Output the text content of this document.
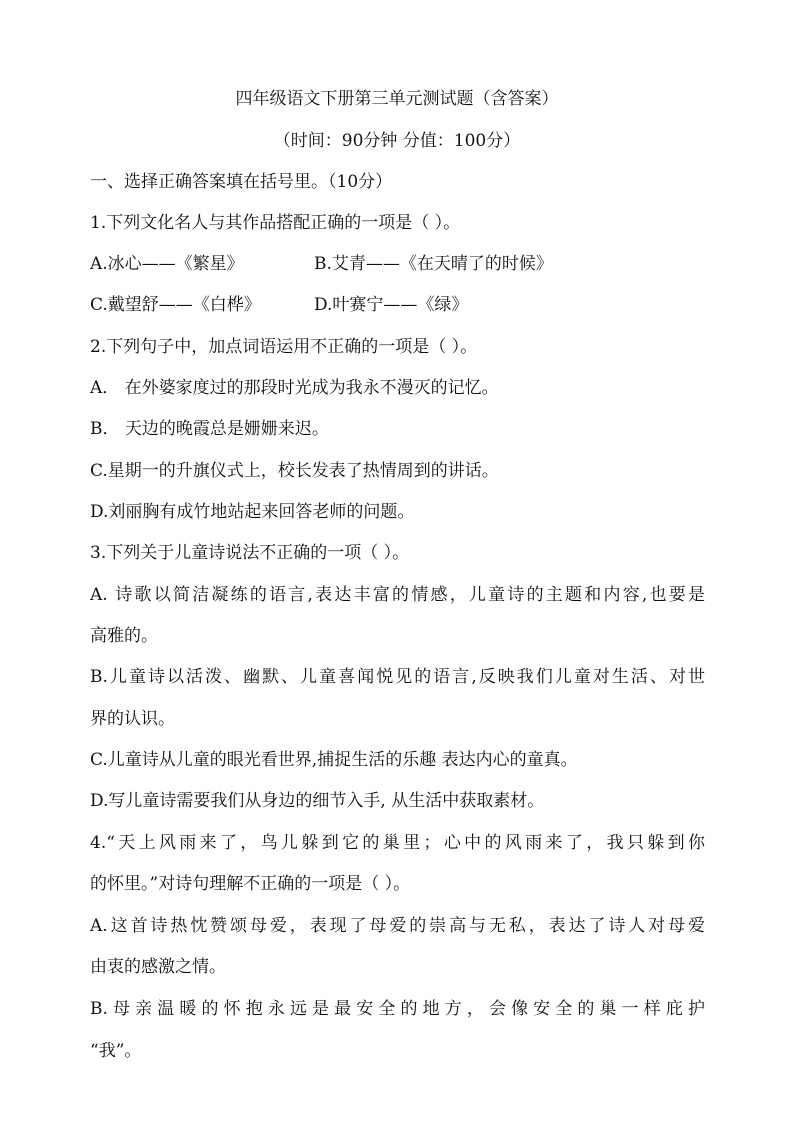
四年级语文下册第三单元测试题（含答案）
（时间：90分钟 分值：100分）
一、选择正确答案填在括号里。（10分）
1.下列文化名人与其作品搭配正确的一项是（ ）。
A.冰心——《繁星》	B.艾青——《在天晴了的时候》
C.戴望舒——《白桦》	D.叶赛宁——《绿》
2.下列句子中，加点词语运用不正确的一项是（ ）。
A． 在外婆家度过的那段时光成为我永不漫灭的记忆。
B． 天边的晚霞总是姗姗来迟。
C.星期一的升旗仪式上，校长发表了热情周到的讲话。
D.刘丽胸有成竹地站起来回答老师的问题。
3.下列关于儿童诗说法不正确的一项（ ）。
A. 诗歌以简洁凝练的语言,表达丰富的情感，儿童诗的主题和内容,也要是
高雅的。
B.儿童诗以活泼、幽默、儿童喜闻悦见的语言,反映我们儿童对生活、对世
界的认识。
C.儿童诗从儿童的眼光看世界,捕捉生活的乐趣 表达内心的童真。
D.写儿童诗需要我们从身边的细节入手, 从生活中获取素材。
4.“天上风雨来了，鸟儿躲到它的巢里；心中的风雨来了，我只躲到你
的怀里。”对诗句理解不正确的一项是（ ）。
A.这首诗热忱赞颂母爱，表现了母爱的崇高与无私，表达了诗人对母爱
由衷的感激之情。
B.母亲温暖的怀抱永远是最安全的地方，会像安全的巢一样庇护
“我”。
